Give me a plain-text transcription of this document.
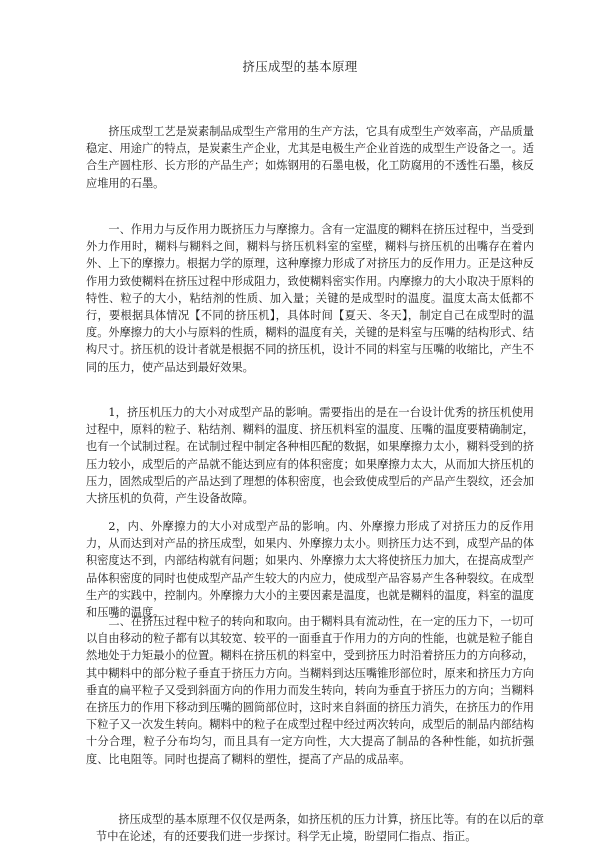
挤压成型的基本原理

挤压成型工艺是炭素制品成型生产常用的生产方法，它具有成型生产效率高，产品质量稳定、用途广的特点，是炭素生产企业，尤其是电极生产企业首选的成型生产设备之一。适合生产圆柱形、长方形的产品生产；如炼钢用的石墨电极，化工防腐用的不透性石墨，核反应堆用的石墨。

一、作用力与反作用力既挤压力与摩擦力。含有一定温度的糊料在挤压过程中，当受到外力作用时，糊料与糊料之间，糊料与挤压机料室的室壁，糊料与挤压机的出嘴存在着内外、上下的摩擦力。根据力学的原理，这种摩擦力形成了对挤压力的反作用力。正是这种反作用力致使糊料在挤压过程中形成阻力，致使糊料密实作用。内摩擦力的大小取决于原料的特性、粒子的大小，粘结剂的性质、加入量；关键的是成型时的温度。温度太高太低都不行，要根据具体情况【不同的挤压机】，具体时间【夏天、冬天】，制定自己在成型时的温度。外摩擦力的大小与原料的性质，糊料的温度有关，关键的是料室与压嘴的结构形式、结构尺寸。挤压机的设计者就是根据不同的挤压机，设计不同的料室与压嘴的收缩比，产生不同的压力，使产品达到最好效果。

1，挤压机压力的大小对成型产品的影响。需要指出的是在一台设计优秀的挤压机使用过程中，原料的粒子、粘结剂、糊料的温度、挤压机料室的温度、压嘴的温度要精确制定，也有一个试制过程。在试制过程中制定各种相匹配的数据，如果摩擦力太小，糊料受到的挤压力较小，成型后的产品就不能达到应有的体积密度；如果摩擦力太大，从而加大挤压机的压力，固然成型后的产品达到了理想的体积密度，也会致使成型后的产品产生裂纹，还会加大挤压机的负荷，产生设备故障。

2，内、外摩擦力的大小对成型产品的影响。内、外摩擦力形成了对挤压力的反作用力，从而达到对产品的挤压成型，如果内、外摩擦力太小。则挤压力达不到，成型产品的体积密度达不到，内部结构就有问题；如果内、外摩擦力太大将使挤压力加大，在提高成型产品体积密度的同时也使成型产品产生较大的内应力，使成型产品容易产生各种裂纹。在成型生产的实践中，控制内。外摩擦力大小的主要因素是温度，也就是糊料的温度，料室的温度和压嘴的温度。

二、在挤压过程中粒子的转向和取向。由于糊料具有流动性，在一定的压力下，一切可以自由移动的粒子都有以其较宽、较平的一面垂直于作用力的方向的性能，也就是粒子能自然地处于力矩最小的位置。糊料在挤压机的料室中，受到挤压力时沿着挤压力的方向移动，其中糊料中的部分粒子垂直于挤压力方向。当糊料到达压嘴锥形部位时，原来和挤压力方向垂直的扁平粒子又受到斜面方向的作用力而发生转向，转向为垂直于挤压力的方向；当糊料在挤压力的作用下移动到压嘴的圆筒部位时，这时来自斜面的挤压力消失，在挤压力的作用下粒子又一次发生转向。糊料中的粒子在成型过程中经过两次转向，成型后的制品内部结构十分合理，粒子分布均匀，而且具有一定方向性，大大提高了制品的各种性能，如抗折强度、比电阻等。同时也提高了糊料的塑性，提高了产品的成品率。

挤压成型的基本原理不仅仅是两条，如挤压机的压力计算，挤压比等。有的在以后的章节中在论述，有的还要我们进一步探讨。科学无止境，盼望同仁指点、指正。
